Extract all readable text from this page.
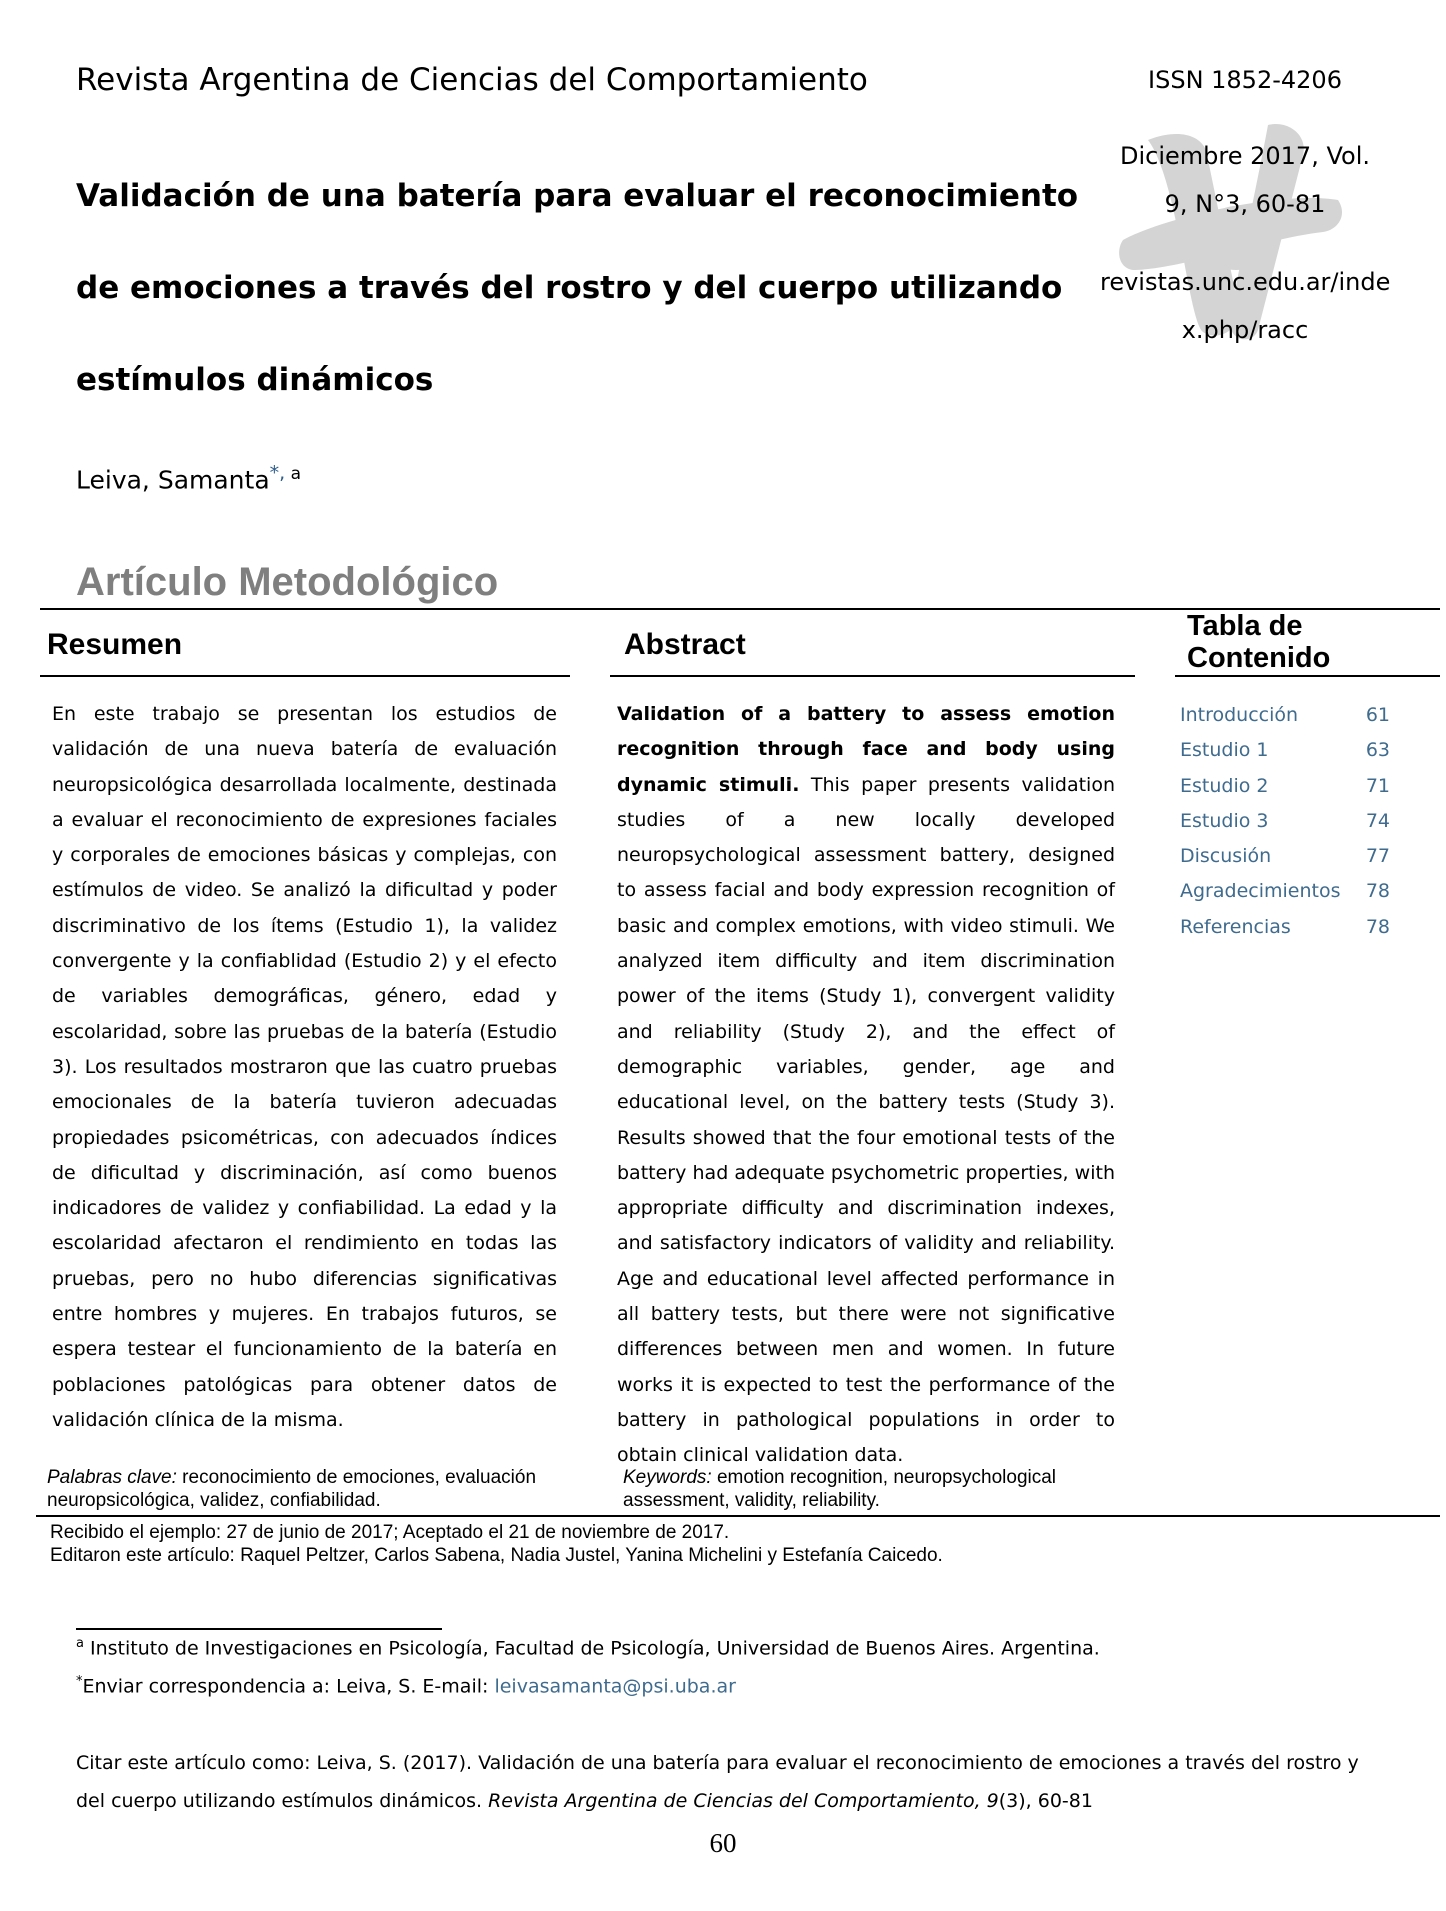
Revista Argentina de Ciencias del Comportamiento	ISSN 1852-4206
Diciembre 2017, Vol.
9, N°3, 60-81
revistas.unc.edu.ar/inde
x.php/racc
Validación de una batería para evaluar el reconocimiento
de emociones a través del rostro y del cuerpo utilizando
estímulos dinámicos
Leiva, Samanta*, $^a$
Artículo Metodológico
Resumen	Abstract
Tabla de
Contenido
En este trabajo se presentan los estudios de validación de una nueva batería de evaluación neuropsicológica desarrollada localmente, destinada a evaluar el reconocimiento de expresiones faciales y corporales de emociones básicas y complejas, con estímulos de video. Se analizó la dificultad y poder discriminativo de los ítems (Estudio 1), la validez convergente y la confiablidad (Estudio 2) y el efecto de variables demográficas, género, edad y escolaridad, sobre las pruebas de la batería (Estudio 3). Los resultados mostraron que las cuatro pruebas emocionales de la batería tuvieron adecuadas propiedades psicométricas, con adecuados índices de dificultad y discriminación, así como buenos indicadores de validez y confiabilidad. La edad y la escolaridad afectaron el rendimiento en todas las pruebas, pero no hubo diferencias significativas entre hombres y mujeres. En trabajos futuros, se espera testear el funcionamiento de la batería en poblaciones patológicas para obtener datos de validación clínica de la misma.
Validation of a battery to assess emotion recognition through face and body using dynamic stimuli. This paper presents validation studies of a new locally developed neuropsychological assessment battery, designed to assess facial and body expression recognition of basic and complex emotions, with video stimuli. We analyzed item difficulty and item discrimination power of the items (Study 1), convergent validity and reliability (Study 2), and the effect of demographic variables, gender, age and educational level, on the battery tests (Study 3). Results showed that the four emotional tests of the battery had adequate psychometric properties, with appropriate difficulty and discrimination indexes, and satisfactory indicators of validity and reliability. Age and educational level affected performance in all battery tests, but there were not significative differences between men and women. In future works it is expected to test the performance of the battery in pathological populations in order to obtain clinical validation data.
Introducción	61
Estudio 1	63
Estudio 2	71
Estudio 3	74
Discusión	77
Agradecimientos 78
Referencias	78
Palabras clave: reconocimiento de emociones, evaluación neuropsicológica, validez, confiabilidad.
Keywords: emotion recognition, neuropsychological assessment, validity, reliability.
Recibido el ejemplo: 27 de junio de 2017; Aceptado el 21 de noviembre de 2017.
Editaron este artículo: Raquel Peltzer, Carlos Sabena, Nadia Justel, Yanina Michelini y Estefanía Caicedo.
$^a$ Instituto de Investigaciones en Psicología, Facultad de Psicología, Universidad de Buenos Aires. Argentina.
*Enviar correspondencia a: Leiva, S. E-mail: leivasamanta@psi.uba.ar
Citar este artículo como: Leiva, S. (2017). Validación de una batería para evaluar el reconocimiento de emociones a través del rostro y del cuerpo utilizando estímulos dinámicos. Revista Argentina de Ciencias del Comportamiento, 9(3), 60-81
60
